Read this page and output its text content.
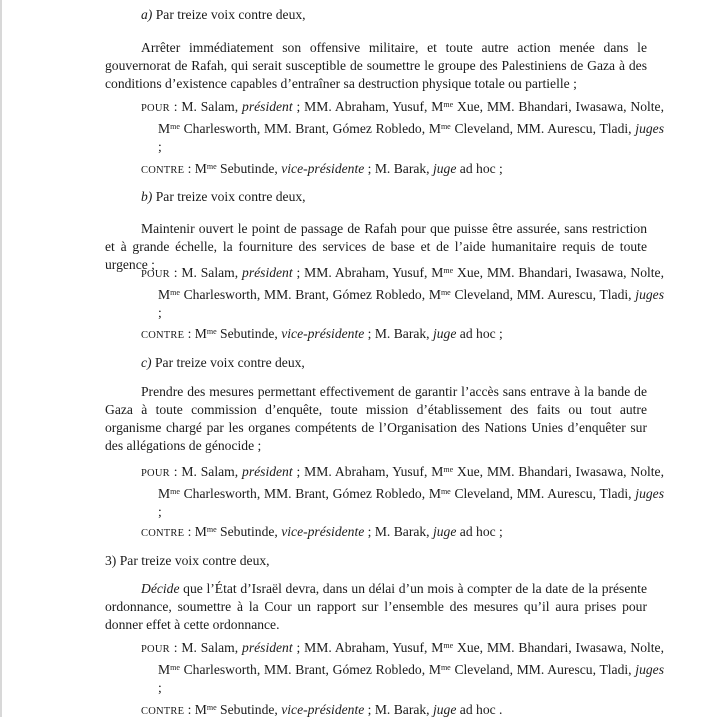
a) Par treize voix contre deux,

Arrêter immédiatement son offensive militaire, et toute autre action menée dans le gouvernorat de Rafah, qui serait susceptible de soumettre le groupe des Palestiniens de Gaza à des conditions d’existence capables d’entraîner sa destruction physique totale ou partielle ;

POUR : M. Salam, président ; MM. Abraham, Yusuf, $M^{me}$ Xue, MM. Bhandari, Iwasawa, Nolte, $M^{me}$ Charlesworth, MM. Brant, Gómez Robledo, $M^{me}$ Cleveland, MM. Aurescu, Tladi, juges ;

CONTRE : $M^{me}$ Sebutinde, vice-présidente ; M. Barak, juge ad hoc ;

b) Par treize voix contre deux,

Maintenir ouvert le point de passage de Rafah pour que puisse être assurée, sans restriction et à grande échelle, la fourniture des services de base et de l’aide humanitaire requis de toute urgence ;

POUR : M. Salam, président ; MM. Abraham, Yusuf, $M^{me}$ Xue, MM. Bhandari, Iwasawa, Nolte, $M^{me}$ Charlesworth, MM. Brant, Gómez Robledo, $M^{me}$ Cleveland, MM. Aurescu, Tladi, juges ;

CONTRE : $M^{me}$ Sebutinde, vice-présidente ; M. Barak, juge ad hoc ;

c) Par treize voix contre deux,

Prendre des mesures permettant effectivement de garantir l’accès sans entrave à la bande de Gaza à toute commission d’enquête, toute mission d’établissement des faits ou tout autre organisme chargé par les organes compétents de l’Organisation des Nations Unies d’enquêter sur des allégations de génocide ;

POUR : M. Salam, président ; MM. Abraham, Yusuf, $M^{me}$ Xue, MM. Bhandari, Iwasawa, Nolte, $M^{me}$ Charlesworth, MM. Brant, Gómez Robledo, $M^{me}$ Cleveland, MM. Aurescu, Tladi, juges ;

CONTRE : $M^{me}$ Sebutinde, vice-présidente ; M. Barak, juge ad hoc ;

3) Par treize voix contre deux,

Décide que l’État d’Israël devra, dans un délai d’un mois à compter de la date de la présente ordonnance, soumettre à la Cour un rapport sur l’ensemble des mesures qu’il aura prises pour donner effet à cette ordonnance.

POUR : M. Salam, président ; MM. Abraham, Yusuf, $M^{me}$ Xue, MM. Bhandari, Iwasawa, Nolte, $M^{me}$ Charlesworth, MM. Brant, Gómez Robledo, $M^{me}$ Cleveland, MM. Aurescu, Tladi, juges ;

CONTRE : $M^{me}$ Sebutinde, vice-présidente ; M. Barak, juge ad hoc .
